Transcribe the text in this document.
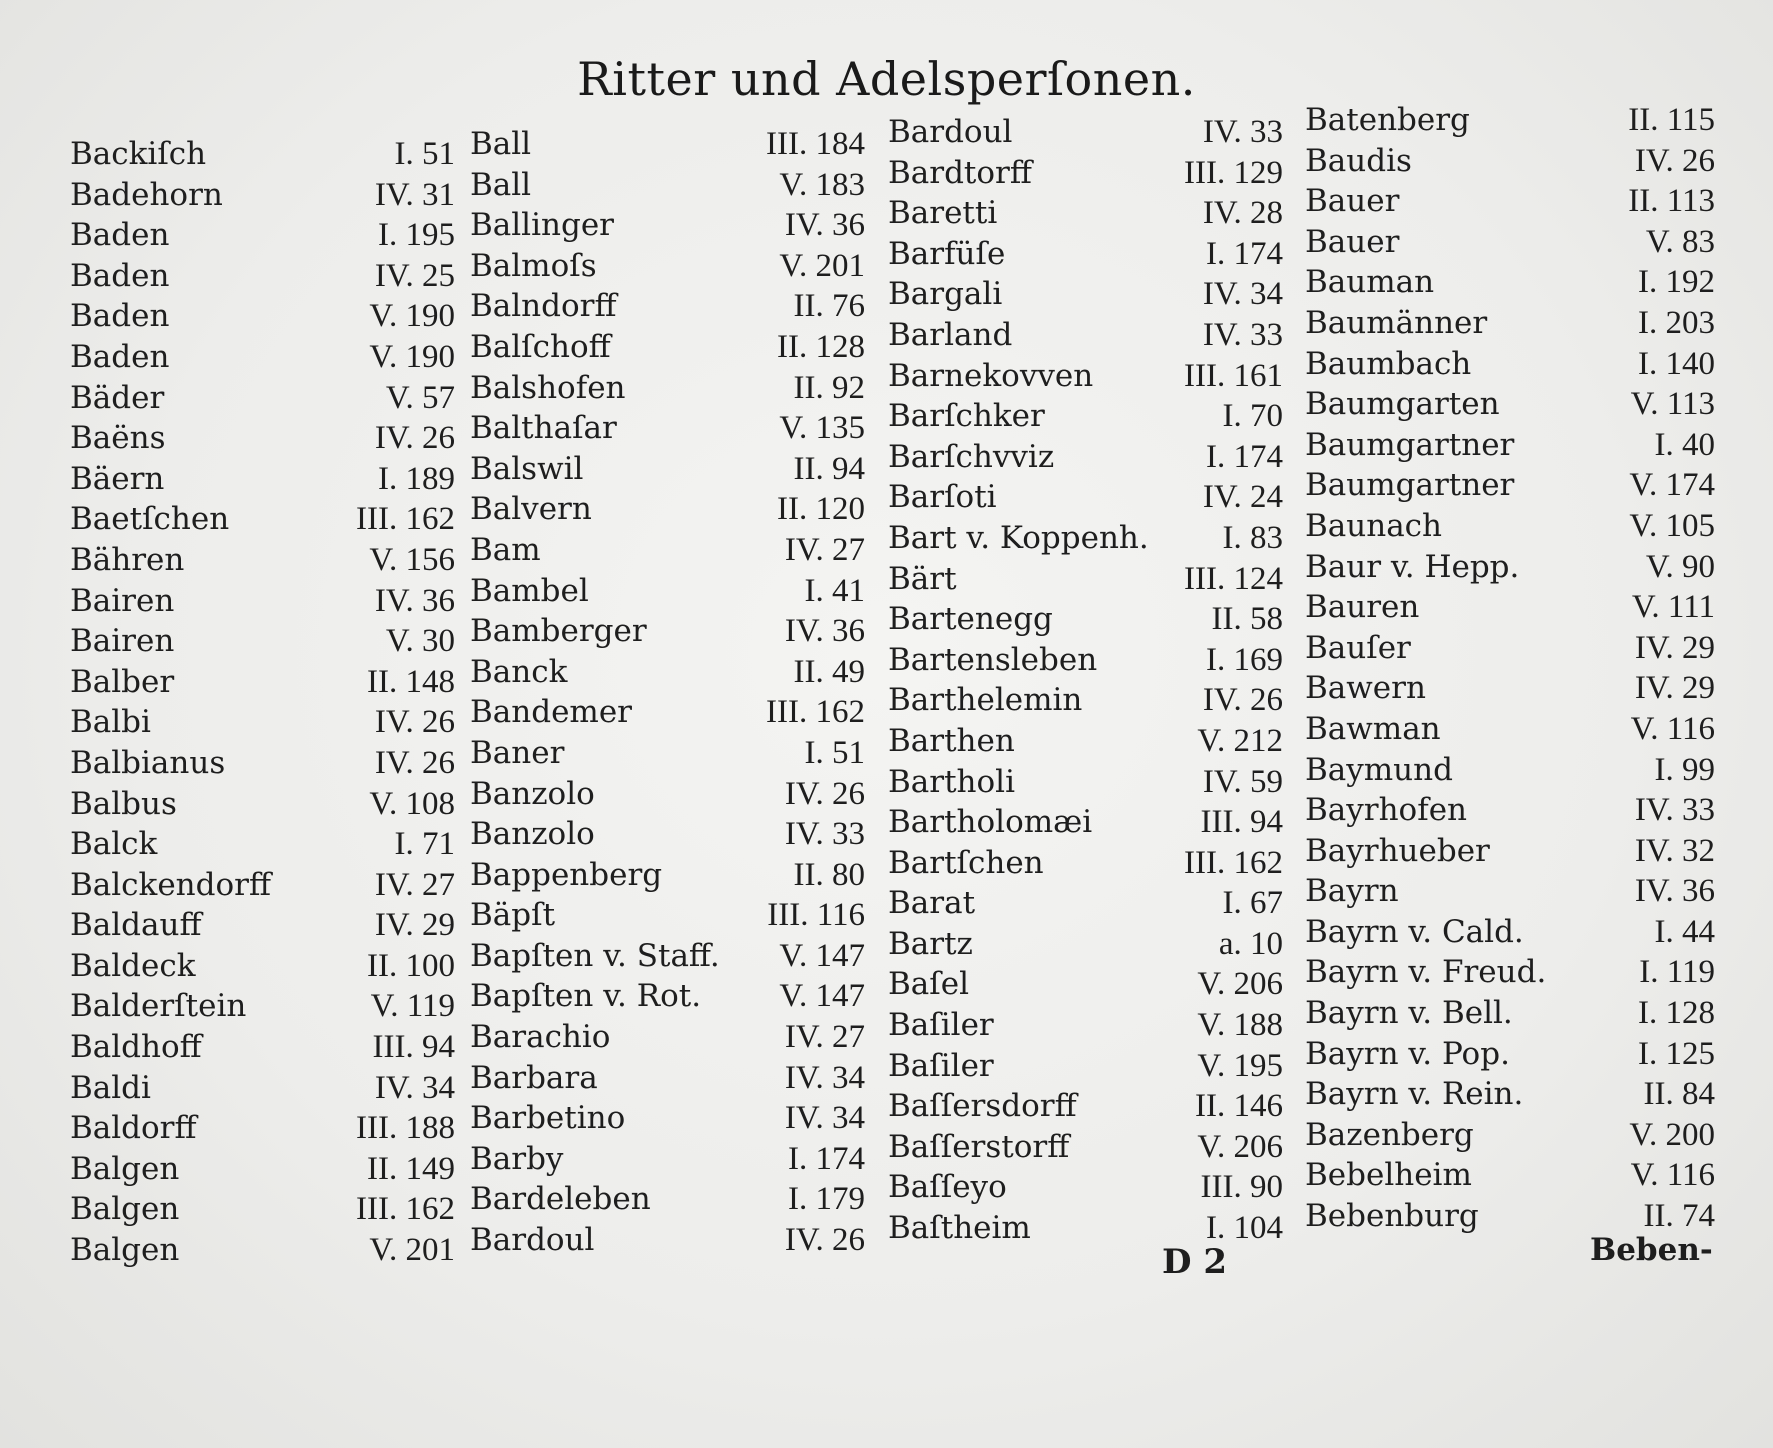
Ritter und Adelsperſonen.
Backiſch	I. 51
Badehorn	IV. 31
Baden	I. 195
Baden	IV. 25
Baden	V. 190
Baden	V. 190
Bäder	V. 57
Baëns	IV. 26
Bäern	I. 189
Baetſchen	III. 162
Bähren	V. 156
Bairen	IV. 36
Bairen	V. 30
Balber	II. 148
Balbi	IV. 26
Balbianus	IV. 26
Balbus	V. 108
Balck	I. 71
Balckendorff	IV. 27
Baldauff	IV. 29
Baldeck	II. 100
Balderſtein	V. 119
Baldhoff	III. 94
Baldi	IV. 34
Baldorff	III. 188
Balgen	II. 149
Balgen	III. 162
Balgen	V. 201
Ball	III. 184
Ball	V. 183
Ballinger	IV. 36
Balmoſs	V. 201
Balndorff	II. 76
Balſchoff	II. 128
Balshofen	II. 92
Balthaſar	V. 135
Balswil	II. 94
Balvern	II. 120
Bam	IV. 27
Bambel	I. 41
Bamberger	IV. 36
Banck	II. 49
Bandemer	III. 162
Baner	I. 51
Banzolo	IV. 26
Banzolo	IV. 33
Bappenberg	II. 80
Bäpſt	III. 116
Bapſten v. Staff. V. 147
Bapſten v. Rot. V. 147
Barachio	IV. 27
Barbara	IV. 34
Barbetino	IV. 34
Barby	I. 174
Bardeleben	I. 179
Bardoul	IV. 26
Bardoul	IV. 33
Bardtorff	III. 129
Baretti	IV. 28
Barfüſe	I. 174
Bargali	IV. 34
Barland	IV. 33
Barnekovven	III. 161
Barſchker	I. 70
Barſchvviz	I. 174
Barſoti	IV. 24
Bart v. Koppenh. I. 83
Bärt	III. 124
Bartenegg	II. 58
Bartensleben	I. 169
Barthelemin	IV. 26
Barthen	V. 212
Bartholi	IV. 59
Bartholomæi	III. 94
Bartſchen	III. 162
Barat	I. 67
Bartz	a. 10
Baſel	V. 206
Baſiler	V. 188
Baſiler	V. 195
Baſſersdorff	II. 146
Baſſerstorff	V. 206
Baſſeyo	III. 90
Baſtheim	I. 104
Batenberg	II. 115
Baudis	IV. 26
Bauer	II. 113
Bauer	V. 83
Bauman	I. 192
Baumänner	I. 203
Baumbach	I. 140
Baumgarten	V. 113
Baumgartner	I. 40
Baumgartner	V. 174
Baunach	V. 105
Baur v. Hepp.	V. 90
Bauren	V. 111
Bauſer	IV. 29
Bawern	IV. 29
Bawman	V. 116
Baymund	I. 99
Bayrhofen	IV. 33
Bayrhueber	IV. 32
Bayrn	IV. 36
Bayrn v. Cald.	I. 44
Bayrn v. Freud.	I. 119
Bayrn v. Bell.	I. 128
Bayrn v. Pop.	I. 125
Bayrn v. Rein.	II. 84
Bazenberg	V. 200
Bebelheim	V. 116
Bebenburg	II. 74
D 2	Beben-
